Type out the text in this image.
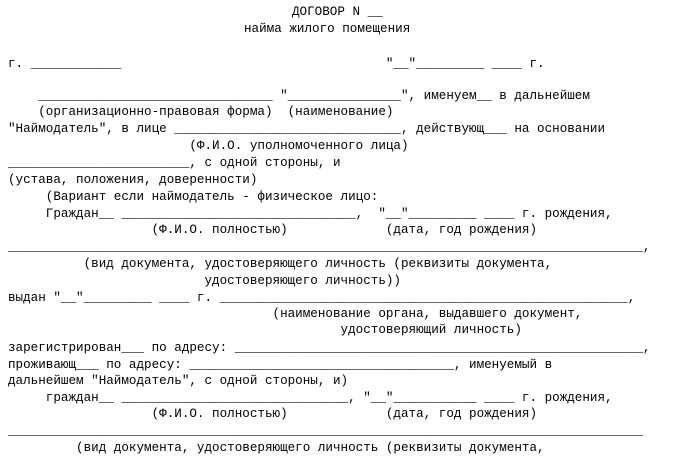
ДОГОВОР N __
найма жилого помещения
г. ____________                                   "__"_________ ____ г.
_______________________________ "_______________", именуем__ в дальнейшем
(организационно-правовая форма)  (наименование)
"Наймодатель", в лице ______________________________, действующ___ на основании
(Ф.И.О. уполномоченного лица)
________________________, с одной стороны, и
(устава, положения, доверенности)
(Вариант если наймодатель - физическое лицо:
Граждан__ _______________________________,  "__"_________ ____ г. рождения,
(Ф.И.О. полностью)             (дата, год рождения)
____________________________________________________________________________________,
(вид документа, удостоверяющего личность (реквизиты документа,
удостоверяющего личность))
выдан "__"_________ ____ г. ______________________________________________________,
(наименование органа, выдавшего документ,
удостоверяющий личность)
зарегистрирован___ по адресу: ______________________________________________________,
проживающ___ по адресу: ___________________________________, именуемый в
дальнейшем "Наймодатель", с одной стороны, и)
граждан__ ______________________________, "__"___________ ____ г. рождения,
(Ф.И.О. полностью)             (дата, год рождения)
____________________________________________________________________________________
(вид документа, удостоверяющего личность (реквизиты документа,
